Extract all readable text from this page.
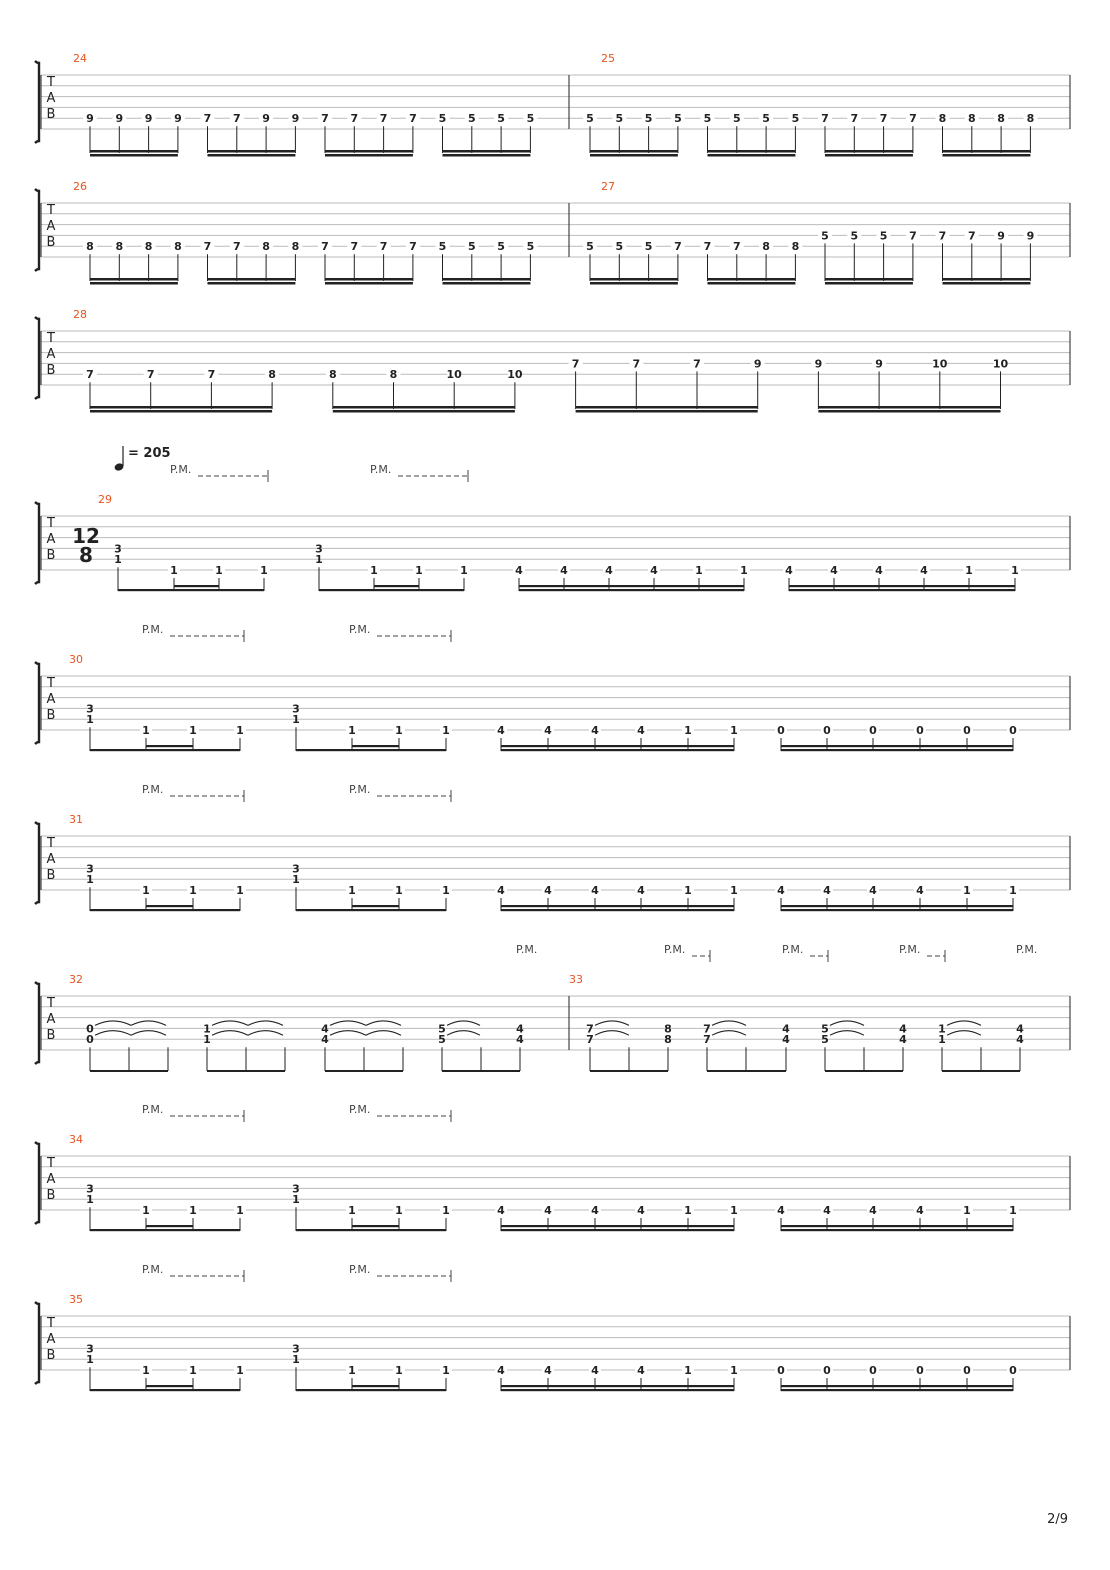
T
A
B
24
9 9 9 9 7 7 9 9 7 7 7 7 5 5 5 5
25
5 5 5 5 5 5 5 5 7 7 7 7 8 8 8 8
T
A
B
26
8 8 8 8 7 7 8 8 7 7 7 7 5 5 5 5
27
5 5 5 7 7 7 8 8
5 5 5 7 7 7 9 9
T
A
B
28
7	7	7	8	8	8	10	10
7	7	7	9	9	9	10	10
T
A
B
29
3
1
1	1	1
3
1
1	1	1	4	4	4	4	1	1	4	4	4	4	1	1
P.M.	P.M.
12
8
T
A
B
30
3
1
1	1	1
3
1
1	1	1	4	4	4	4	1	1	0	0	0	0	0	0
P.M.	P.M.
T
A
B
31
3
1
1	1	1
3
1
1	1	1	4	4	4	4	1	1	4	4	4	4	1	1
P.M.	P.M.
T
A
B
32
0
0
1
1
4
4
5
5
4
4
33
7
7
8
8
7
7
4
4
5
5
4
4
1
1
4
4
P.M.	P.M.	P.M.	P.M.	P.M.
T
A
B
34
3
1
1	1	1
3
1
1	1	1	4	4	4	4	1	1	4	4	4	4	1	1
P.M.	P.M.
T
A
B
35
3
1
1	1	1
3
1
1	1	1	4	4	4	4	1	1	0	0	0	0	0	0
P.M.	P.M.
= 205
2/9
